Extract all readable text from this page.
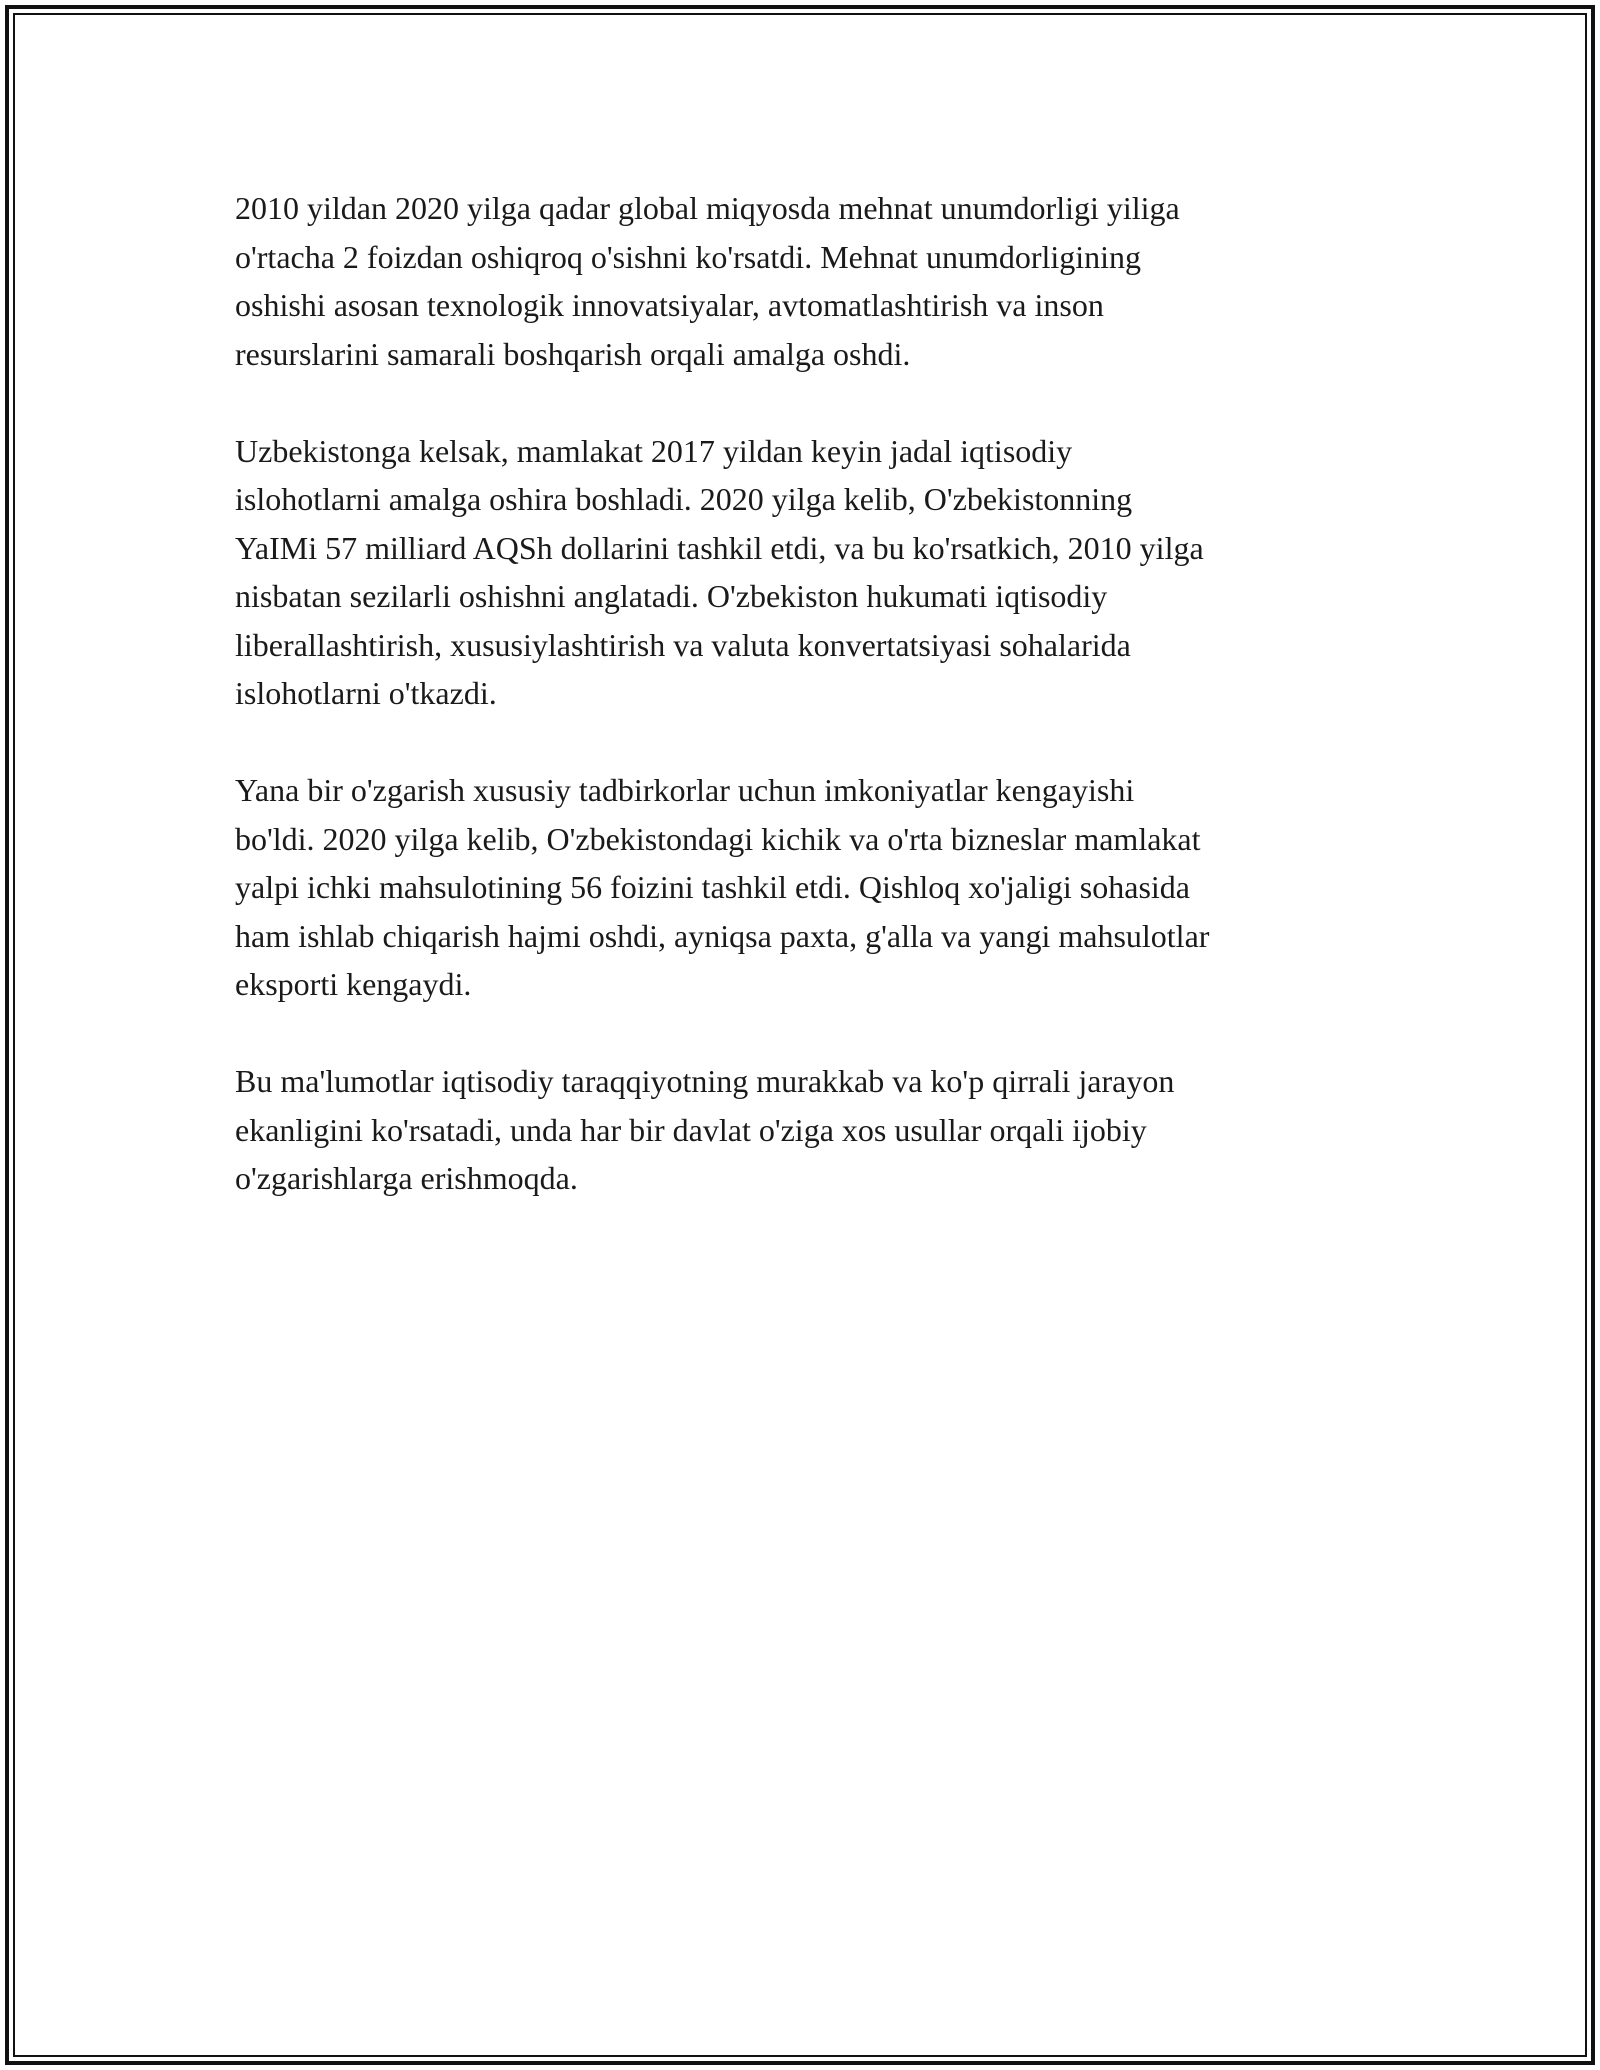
2010 yildan 2020 yilga qadar global miqyosda mehnat unumdorligi yiliga
o'rtacha 2 foizdan oshiqroq o'sishni ko'rsatdi. Mehnat unumdorligining
oshishi asosan texnologik innovatsiyalar, avtomatlashtirish va inson
resurslarini samarali boshqarish orqali amalga oshdi.

Uzbekistonga kelsak, mamlakat 2017 yildan keyin jadal iqtisodiy
islohotlarni amalga oshira boshladi. 2020 yilga kelib, O'zbekistonning
YaIMi 57 milliard AQSh dollarini tashkil etdi, va bu ko'rsatkich, 2010 yilga
nisbatan sezilarli oshishni anglatadi. O'zbekiston hukumati iqtisodiy
liberallashtirish, xususiylashtirish va valuta konvertatsiyasi sohalarida
islohotlarni o'tkazdi.

Yana bir o'zgarish xususiy tadbirkorlar uchun imkoniyatlar kengayishi
bo'ldi. 2020 yilga kelib, O'zbekistondagi kichik va o'rta bizneslar mamlakat
yalpi ichki mahsulotining 56 foizini tashkil etdi. Qishloq xo'jaligi sohasida
ham ishlab chiqarish hajmi oshdi, ayniqsa paxta, g'alla va yangi mahsulotlar
eksporti kengaydi.

Bu ma'lumotlar iqtisodiy taraqqiyotning murakkab va ko'p qirrali jarayon
ekanligini ko'rsatadi, unda har bir davlat o'ziga xos usullar orqali ijobiy
o'zgarishlarga erishmoqda.
